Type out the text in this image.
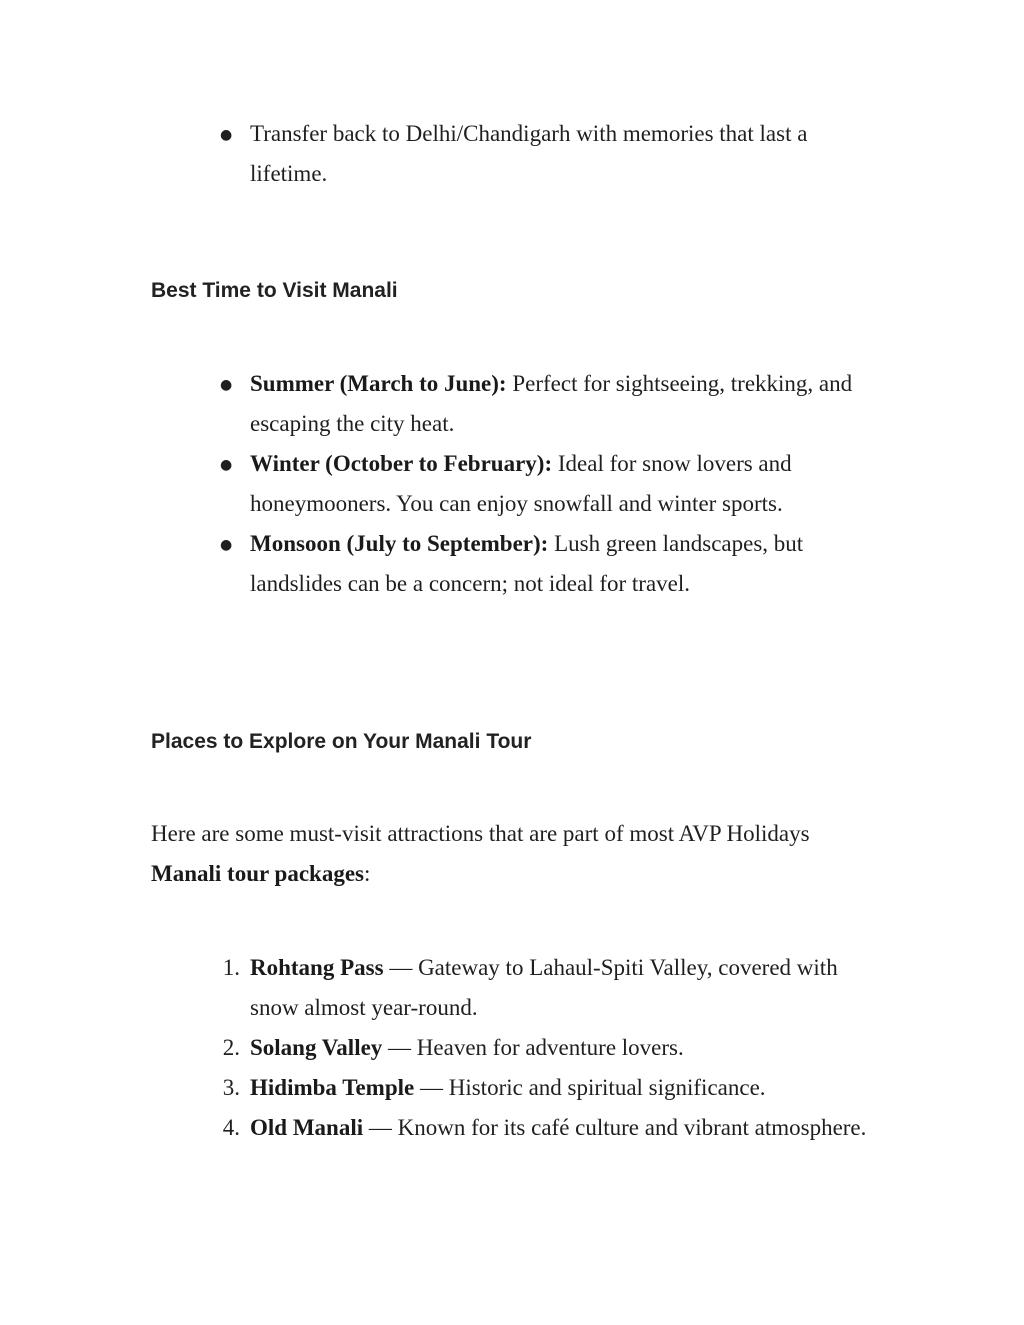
● Transfer back to Delhi/Chandigarh with memories that last a lifetime.
Best Time to Visit Manali
● Summer (March to June): Perfect for sightseeing, trekking, and escaping the city heat.
● Winter (October to February): Ideal for snow lovers and honeymooners. You can enjoy snowfall and winter sports.
● Monsoon (July to September): Lush green landscapes, but landslides can be a concern; not ideal for travel.
Places to Explore on Your Manali Tour

Here are some must-visit attractions that are part of most AVP Holidays Manali tour packages:

1. Rohtang Pass — Gateway to Lahaul-Spiti Valley, covered with snow almost year-round.
2. Solang Valley — Heaven for adventure lovers.
3. Hidimba Temple — Historic and spiritual significance.
4. Old Manali — Known for its café culture and vibrant atmosphere.
